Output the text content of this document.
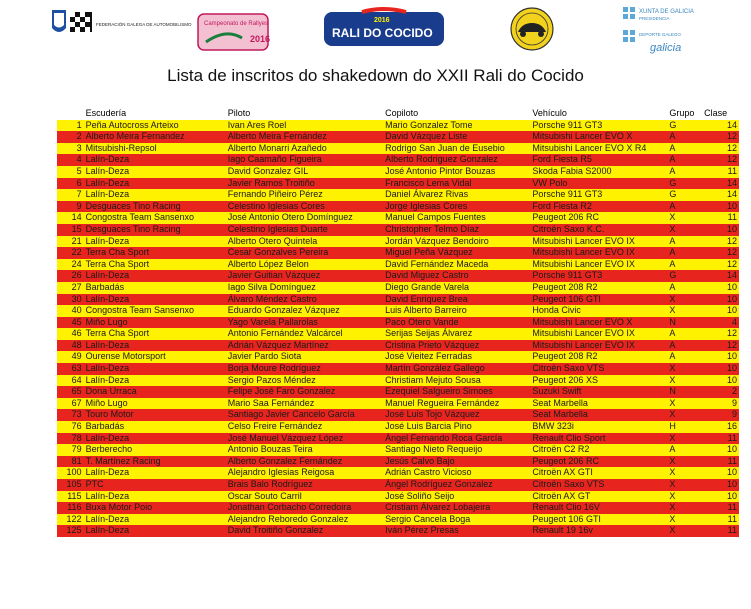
FEDERACIÓN GALEGA DE AUTOMOBILISMO Campeonato de Rallyes
2016
2016
RALI DO COCIDO
XUNTA DE GALICIA
PRESIDENCIA
DEPORTE GALEGO
galicia
Lista de inscritos do shakedown do XXII Rali do Cocido
	Escudería	Piloto	Copiloto	Vehículo	Grupo	Clase
1	Peña Autocross Arteixo	Ivan Ares Roel	Mario Gonzalez Tome	Porsche 911 GT3	G	14
2	Alberto Meira Fernandez	Alberto Meira Fernández	David Vázquez Liste	Mitsubishi Lancer EVO X	A	12
3	Mitsubishi-Repsol	Alberto Monarri Azañedo	Rodrigo San Juan de Eusebio	Mitsubishi Lancer EVO X R4	A	12
4	Lalín-Deza	Iago Caamaño Figueira	Alberto Rodriguez Gonzalez	Ford Fiesta R5	A	12
5	Lalín-Deza	David Gonzalez GIL	José Antonio Pintor Bouzas	Skoda Fabia S2000	A	11
6	Lalín-Deza	Javier Ramos Troitiño	Francisco Lema Vidal	VW Polo	G	14
7	Lalín-Deza	Fernando Piñeiro Pérez	Daniel Álvarez Rivas	Porsche 911 GT3	G	14
9	Desguaces Tino Racing	Celestino Iglesias Cores	Jorge Iglesias Cores	Ford Fiesta R2	A	10
14	Congostra Team Sansenxo	José Antonio Otero Domínguez	Manuel Campos Fuentes	Peugeot 206 RC	X	11
15	Desguaces Tino Racing	Celestino Iglesias Duarte	Christopher Telmo Díaz	Citroën Saxo K.C.	X	10
21	Lalín-Deza	Alberto Otero Quintela	Jordán Vázquez Bendoiro	Mitsubishi Lancer EVO IX	A	12
22	Terra Cha Sport	Cesar Gonzalves Pereira	Miguel Peña Vázquez	Mitsubishi Lancer EVO IX	A	12
24	Terra Cha Sport	Alberto López Belon	David Fernández Maceda	Mitsubishi Lancer EVO IX	A	12
26	Lalín-Deza	Javier Guitian Vázquez	David Miguez Castro	Porsche 911 GT3	G	14
27	Barbadás	Iago Silva Domínguez	Diego Grande Varela	Peugeot 208 R2	A	10
30	Lalín-Deza	Álvaro Méndez Castro	David Enriquez Brea	Peugeot 106 GTI	X	10
40	Congostra Team Sansenxo	Eduardo Gonzalez Vázquez	Luis Alberto Barreiro	Honda Civic	X	10
45	Miño Lugo	Yago Varela Pallarolas	Paco Otero Vande	Mitsubishi Lancer EVO X	N	4
46	Terra Cha Sport	Antonio Fernández Valcárcel	Serijas Seijas Álvarez	Mitsubishi Lancer EVO IX	A	12
48	Lalín-Deza	Adrián Vázquez Martínez	Cristina Prieto Vázquez	Mitsubishi Lancer EVO IX	A	12
49	Ourense Motorsport	Javier Pardo Siota	José Vieitez Ferradas	Peugeot 208 R2	A	10
63	Lalín-Deza	Borja Moure Rodríguez	Martín González Gallego	Citroën Saxo VTS	X	10
64	Lalín-Deza	Sergio Pazos Méndez	Christiam Mejuto Sousa	Peugeot 206 XS	X	10
65	Dona Urraca	Felipe José Faro Gonzalez	Ezequiel Salgueiro Simoes	Suzuki Swift	N	2
67	Miño Lugo	Mario Saa Fernández	Manuel Regueira Fernández	Seat Marbella	X	9
73	Touro Motor	Santiago Javier Cancelo García	José Luis Tojo Vázquez	Seat Marbella	X	9
76	Barbadás	Celso Freire Fernández	José Luis Barcia Pino	BMW 323i	H	16
78	Lalín-Deza	José Manuel Vázquez López	Ángel Fernando Roca García	Renault Clio Sport	X	11
79	Berberecho	Antonio Bouzas Teira	Santiago Nieto Requeijo	Citroën C2 R2	A	10
81	T. Martínez Racing	Alberto Gonzalez Fernández	Jesús Calvo Bajo	Peugeot 206 RC	X	11
100	Lalín-Deza	Alejandro Iglesias Reigosa	Adrián Castro Vicioso	Citroën AX GTI	X	10
105	PTC	Brais Balo Rodríguez	Ángel Rodríguez Gonzalez	Citroën Saxo VTS	X	10
115	Lalín-Deza	Oscar Souto Carril	José Soliño Seijo	Citroën AX GT	X	10
116	Buxa Motor Poio	Jonathan Corbacho Corredoira	Cristiam Álvarez Lobajeira	Renault Clio 16V	X	11
122	Lalín-Deza	Alejandro Reboredo Gonzalez	Sergio Cancela Boga	Peugeot 106 GTI	X	11
125	Lalín-Deza	David Troitiño Gonzalez	Iván Pérez Presas	Renault 19 16v	X	11
